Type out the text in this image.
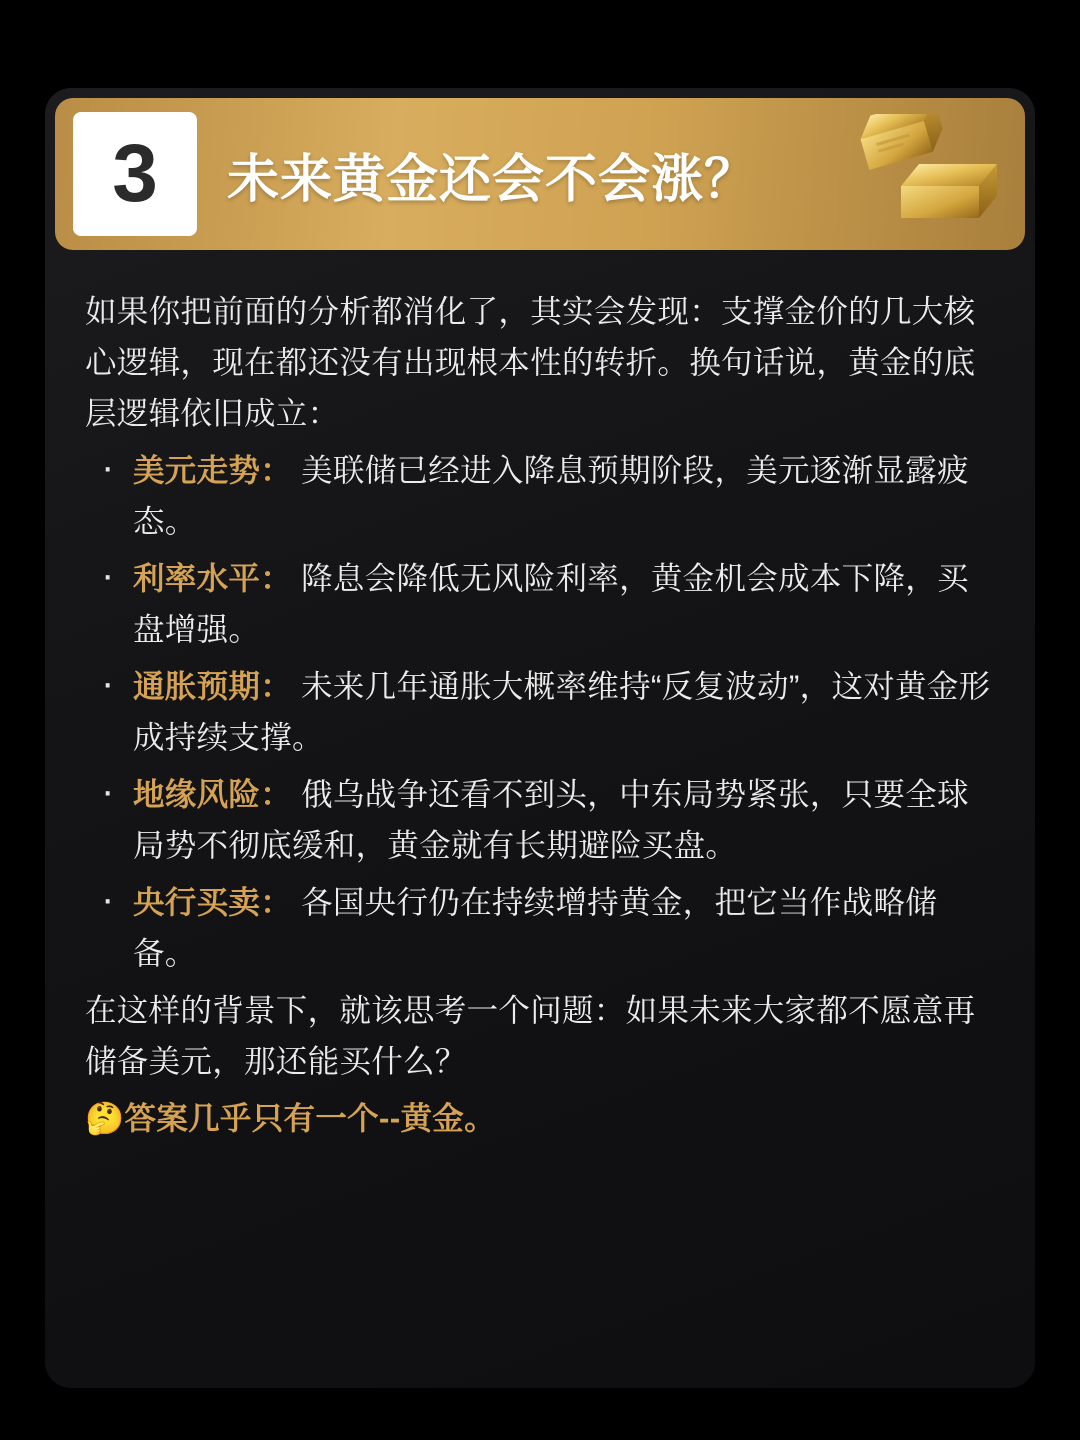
3 未来黄金还会不会涨？

如果你把前面的分析都消化了，其实会发现：支撑金价的几大核心逻辑，现在都还没有出现根本性的转折。换句话说，黄金的底层逻辑依旧成立：

· 美元走势： 美联储已经进入降息预期阶段，美元逐渐显露疲态。
· 利率水平： 降息会降低无风险利率，黄金机会成本下降，买盘增强。
· 通胀预期： 未来几年通胀大概率维持“反复波动”，这对黄金形成持续支撑。
· 地缘风险： 俄乌战争还看不到头，中东局势紧张，只要全球局势不彻底缓和，黄金就有长期避险买盘。
· 央行买卖： 各国央行仍在持续增持黄金，把它当作战略储备。

在这样的背景下，就该思考一个问题：如果未来大家都不愿意再储备美元，那还能买什么？

🤔答案几乎只有一个--黄金。
